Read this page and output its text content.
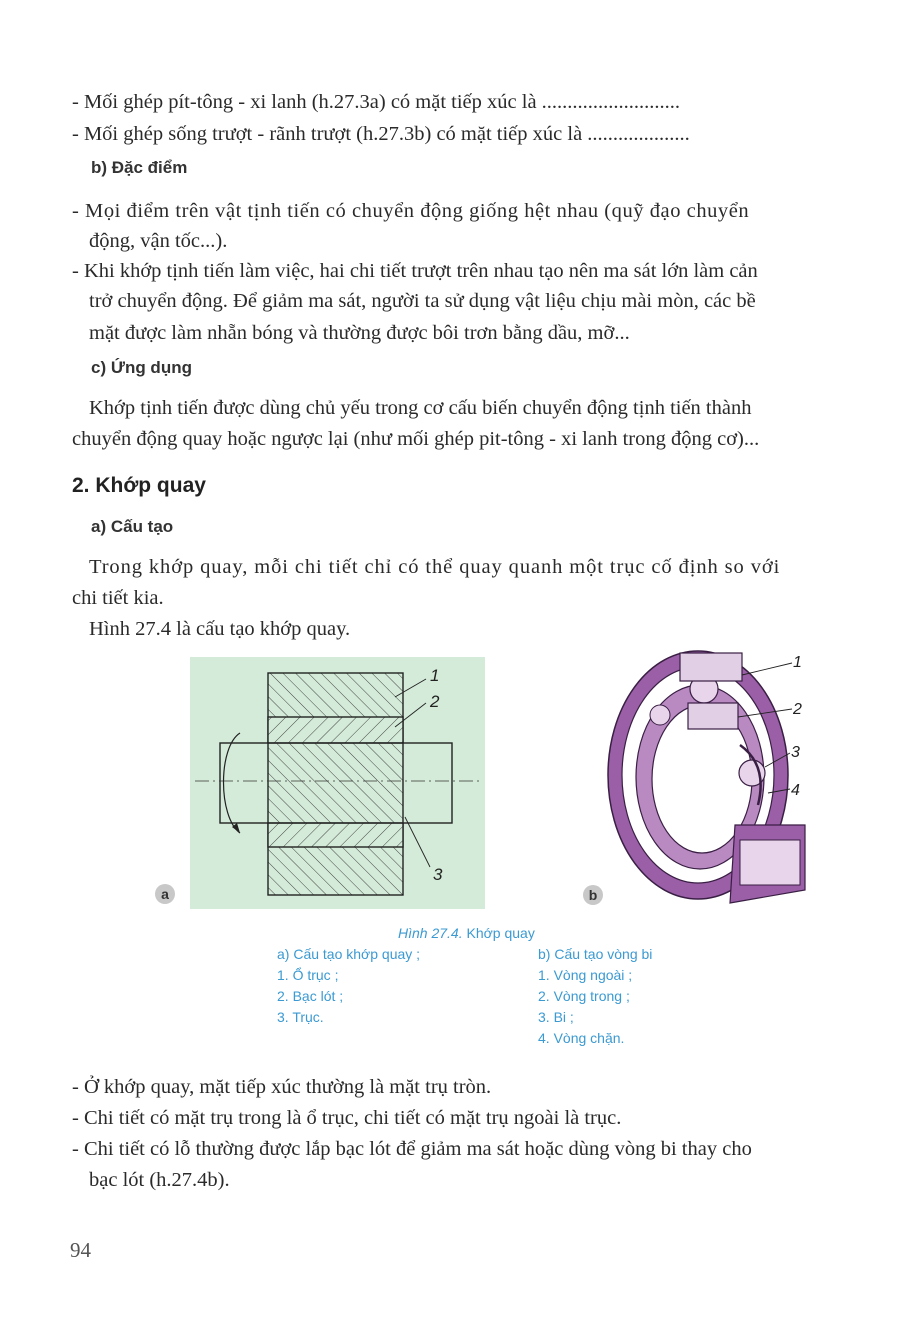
- Mối ghép pít-tông - xi lanh (h.27.3a) có mặt tiếp xúc là ...........................
- Mối ghép sống trượt - rãnh trượt (h.27.3b) có mặt tiếp xúc là ....................
b) Đặc điểm
- Mọi điểm trên vật tịnh tiến có chuyển động giống hệt nhau (quỹ đạo chuyển
động, vận tốc...).
- Khi khớp tịnh tiến làm việc, hai chi tiết trượt trên nhau tạo nên ma sát lớn làm cản
trở chuyển động. Để giảm ma sát, người ta sử dụng vật liệu chịu mài mòn, các bề
mặt được làm nhẵn bóng và thường được bôi trơn bằng dầu, mỡ...
c) Ứng dụng
Khớp tịnh tiến được dùng chủ yếu trong cơ cấu biến chuyển động tịnh tiến thành
chuyển động quay hoặc ngược lại (như mối ghép pit-tông - xi lanh trong động cơ)...
2. Khớp quay
a) Cấu tạo
Trong khớp quay, mỗi chi tiết chỉ có thể quay quanh một trục cố định so với
chi tiết kia.
Hình 27.4 là cấu tạo khớp quay.
1
2
3
a
1
2
3
4
b
Hình 27.4. Khớp quay
a) Cấu tạo khớp quay ;
1. Ổ trục ;
2. Bạc lót ;
3. Trục.
b) Cấu tạo vòng bi
1. Vòng ngoài ;
2. Vòng trong ;
3. Bi ;
4. Vòng chặn.
- Ở khớp quay, mặt tiếp xúc thường là mặt trụ tròn.
- Chi tiết có mặt trụ trong là ổ trục, chi tiết có mặt trụ ngoài là trục.
- Chi tiết có lỗ thường được lắp bạc lót để giảm ma sát hoặc dùng vòng bi thay cho
bạc lót (h.27.4b).
94
